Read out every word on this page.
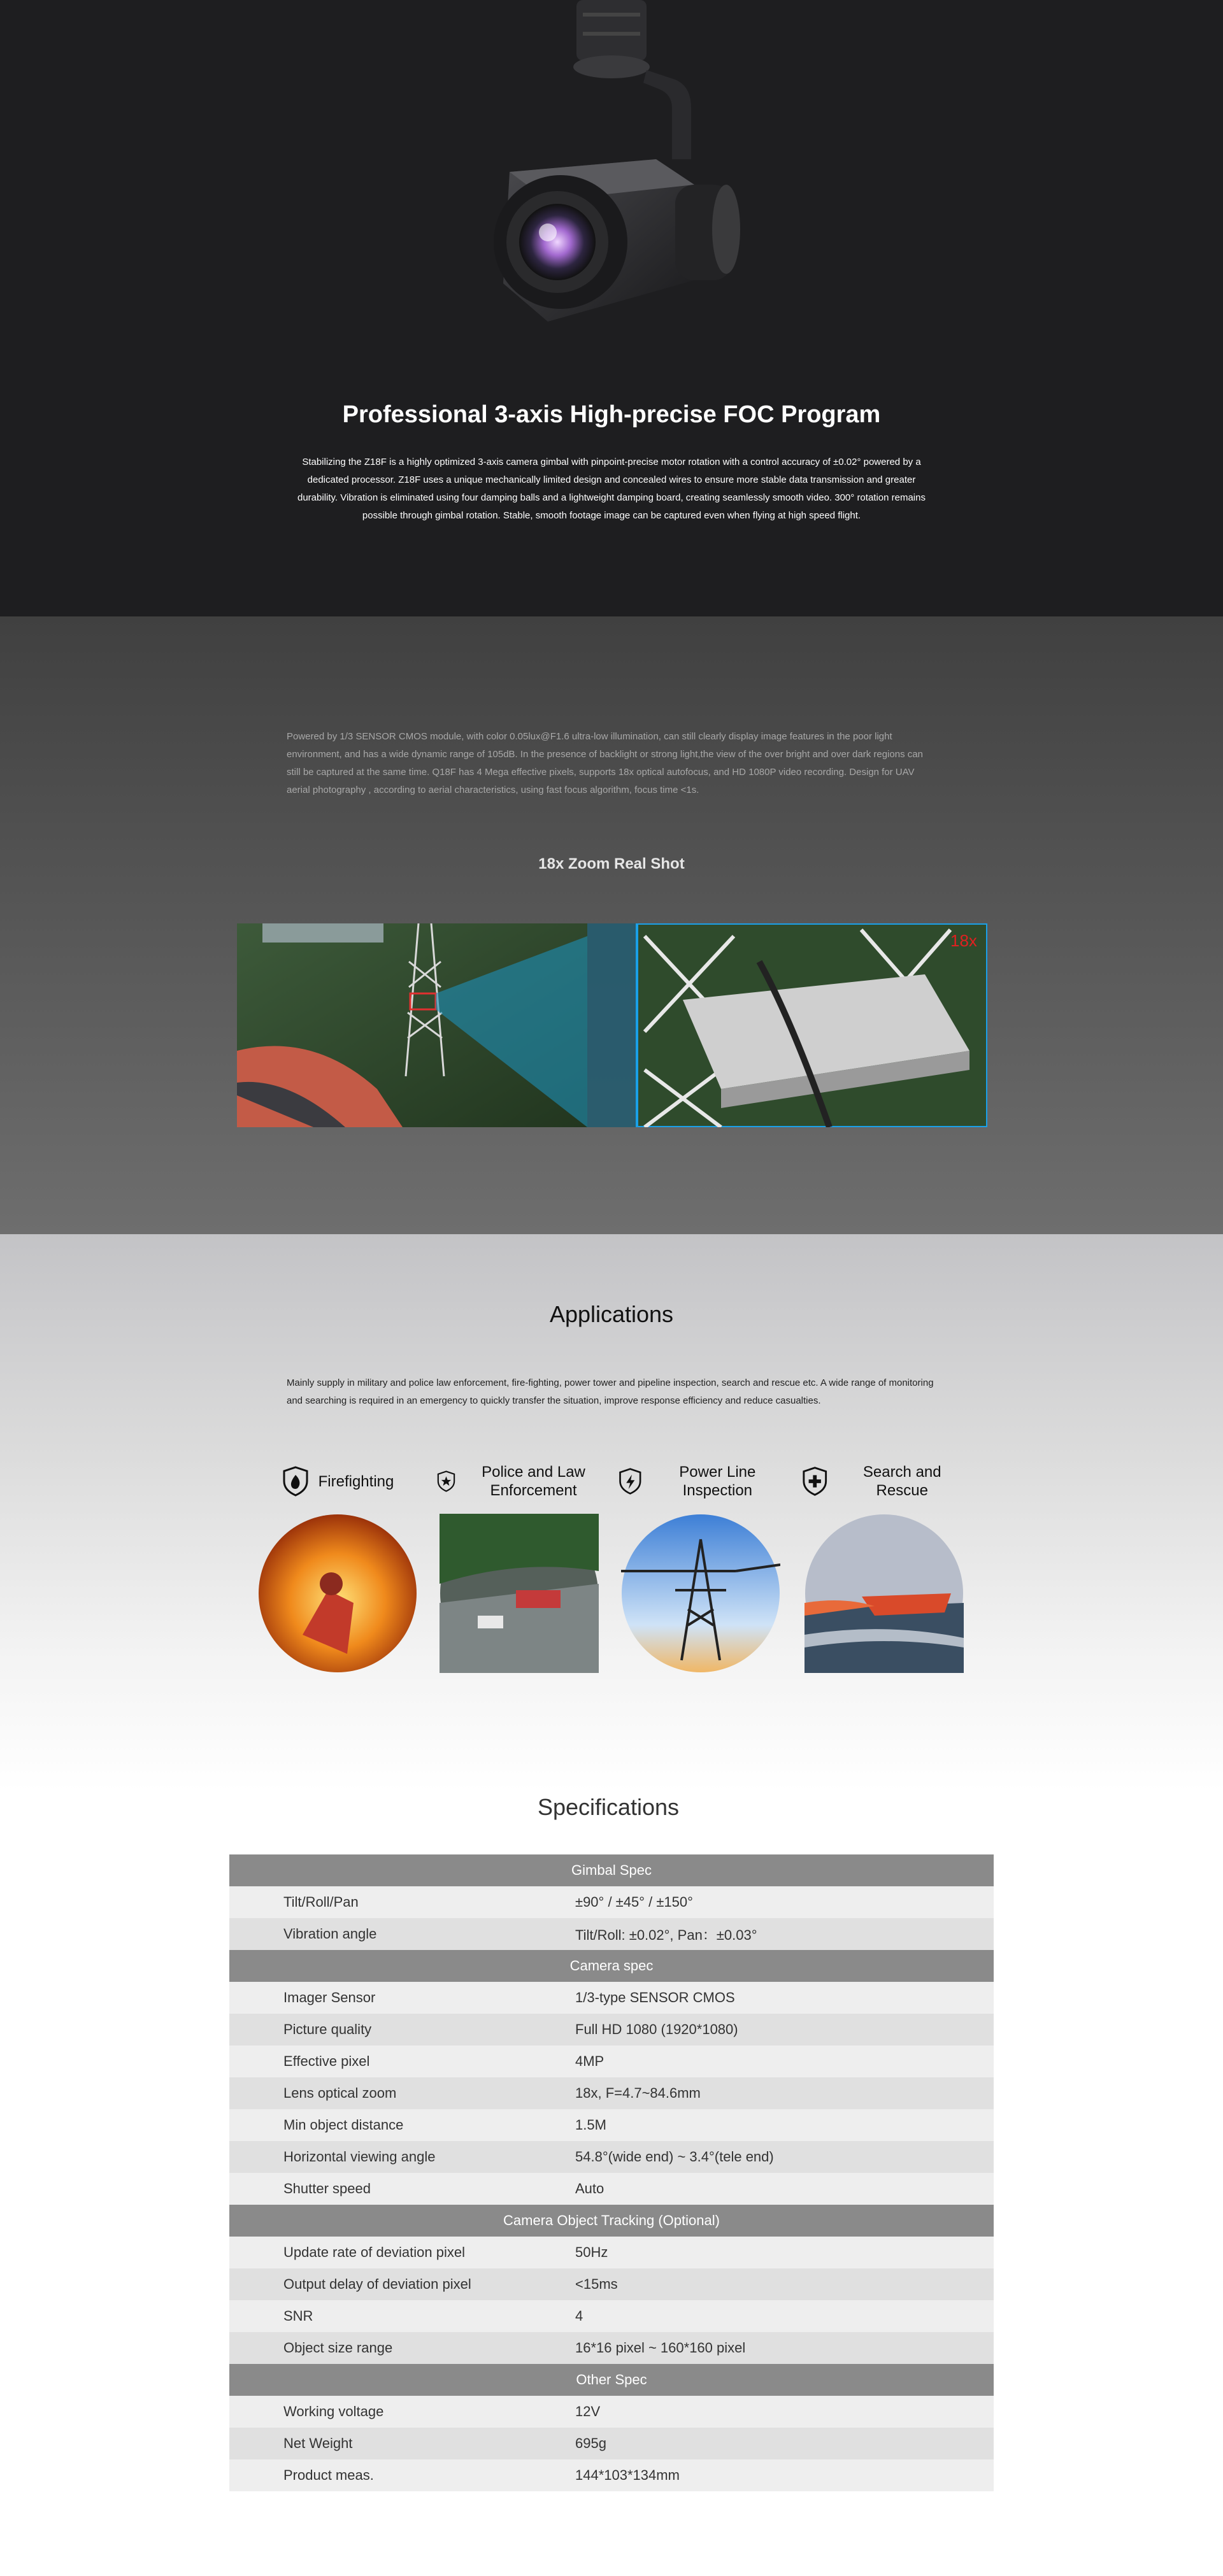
Professional 3-axis High-precise FOC Program
Stabilizing the Z18F is a highly optimized 3-axis camera gimbal with pinpoint-precise motor rotation with a control accuracy of ±0.02° powered by a dedicated processor. Z18F uses a unique mechanically limited design and concealed wires to ensure more stable data transmission and greater durability. Vibration is eliminated using four damping balls and a lightweight damping board, creating seamlessly smooth video. 300° rotation remains possible through gimbal rotation. Stable, smooth footage image can be captured even when flying at high speed flight.
Powered by 1/3 SENSOR CMOS module, with color 0.05lux@F1.6 ultra-low illumination, can still clearly display image features in the poor light environment, and has a wide dynamic range of 105dB. In the presence of backlight or strong light,the view of the over bright and over dark regions can still be captured at the same time. Q18F has 4 Mega effective pixels, supports 18x optical autofocus, and HD 1080P video recording. Design for UAV aerial photography , according to aerial characteristics, using fast focus algorithm, focus time <1s.
18x Zoom Real Shot
18x
Applications
Mainly supply in military and police law enforcement, fire-fighting, power tower and pipeline inspection, search and rescue etc. A wide range of monitoring and searching is required in an emergency to quickly transfer the situation, improve response efficiency and reduce casualties.
Firefighting
Police and Law Enforcement
Power Line Inspection
Search and Rescue
Specifications
Gimbal Spec
Tilt/Roll/Pan	±90° / ±45° / ±150°
Vibration angle	Tilt/Roll: ±0.02°, Pan：±0.03°
Camera spec
Imager Sensor	1/3-type SENSOR CMOS
Picture quality	Full HD 1080 (1920*1080)
Effective pixel	4MP
Lens optical zoom	18x, F=4.7~84.6mm
Min object distance	1.5M
Horizontal viewing angle	54.8°(wide end) ~ 3.4°(tele end)
Shutter speed	Auto
Camera Object Tracking (Optional)
Update rate of deviation pixel	50Hz
Output delay of deviation pixel	<15ms
SNR	4
Object size range	16*16 pixel ~ 160*160 pixel
Other Spec
Working voltage	12V
Net Weight	695g
Product meas.	144*103*134mm
